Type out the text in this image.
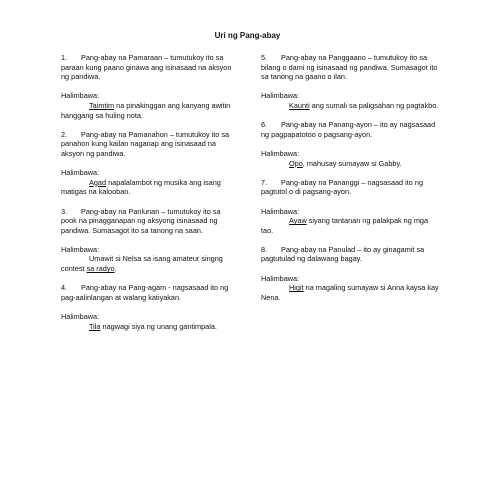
Uri ng Pang-abay

1. Pang-abay na Pamaraan – tumutukoy ito sa paraan kung paano ginawa ang isinasaad na aksyon ng pandiwa.

Halimbawa:

Taimtim na pinakinggan ang kanyang awitin hanggang sa huling nota.

2. Pang-abay na Pamanahon – tumutukoy ito sa panahon kung kailan naganap ang isinasaad na aksyon ng pandiwa.

Halimbawa:

Agad napalalambot ng musika ang isang matigas na kalooban.

3. Pang-abay na Panlunan – tumutukoy ito sa pook na pinagganapan ng aksyong isinasaad ng pandiwa. Sumasagot ito sa tanong na saan.

Halimbawa:

Umawit si Nelsa sa isang amateur singng contest sa radyo.

4. Pang-abay na Pang-agam - nagsasaad ito ng pag-aalinlangan at walang katiyakan.

Halimbawa:

Tila nagwagi siya ng unang gantimpala.

5. Pang-abay na Panggaano – tumutukoy ito sa bilang o dami ng isinasaad ng pandiwa. Sumasagot ito sa tanong na gaano o ilan.

Halimbawa:

Kaunti ang sumali sa paligsahan ng pagtakbo.

6. Pang-abay na Panang-ayon – ito ay nagsasaad ng pagpapatotoo o pagsang-ayon.

Halimbawa:

Opo, mahusay sumayaw si Gabby.

7. Pang-abay na Pananggi – nagsasaad ito ng pagtutol o di pagsang-ayon.

Halimbawa:

Ayaw siyang tantanan ng palakpak ng mga tao.

8. Pang-abay na Panulad – ito ay ginagamit sa pagtutulad ng dalawang bagay.

Halimbawa:

Higit na magaling sumayaw si Anna kaysa kay Nena.
